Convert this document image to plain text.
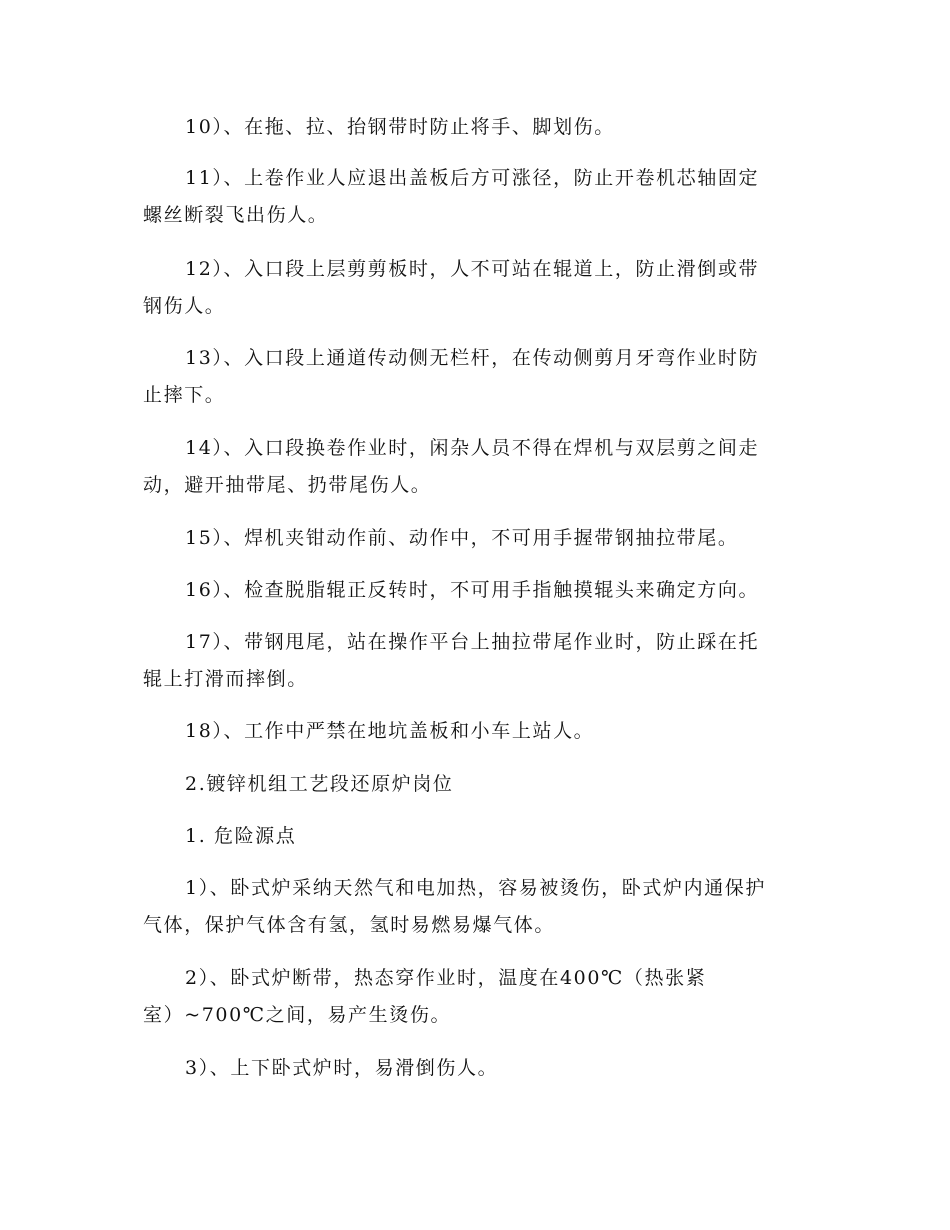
10）、在拖、拉、抬钢带时防止将手、脚划伤。

11）、上卷作业人应退出盖板后方可涨径，防止开卷机芯轴固定
螺丝断裂飞出伤人。

12）、入口段上层剪剪板时，人不可站在辊道上，防止滑倒或带
钢伤人。

13）、入口段上通道传动侧无栏杆，在传动侧剪月牙弯作业时防
止摔下。

14）、入口段换卷作业时，闲杂人员不得在焊机与双层剪之间走
动，避开抽带尾、扔带尾伤人。

15）、焊机夹钳动作前、动作中，不可用手握带钢抽拉带尾。

16）、检查脱脂辊正反转时，不可用手指触摸辊头来确定方向。

17）、带钢甩尾，站在操作平台上抽拉带尾作业时，防止踩在托
辊上打滑而摔倒。

18）、工作中严禁在地坑盖板和小车上站人。

2.镀锌机组工艺段还原炉岗位

1. 危险源点

1）、卧式炉采纳天然气和电加热，容易被烫伤，卧式炉内通保护
气体，保护气体含有氢，氢时易燃易爆气体。

2）、卧式炉断带，热态穿作业时，温度在400℃（热张紧
室）~700℃之间，易产生烫伤。

3）、上下卧式炉时，易滑倒伤人。
